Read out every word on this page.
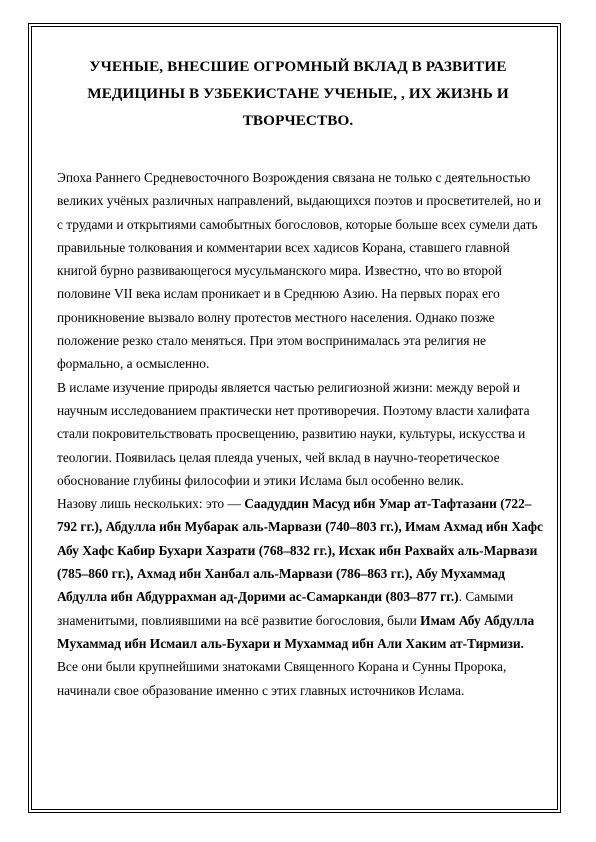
УЧЕНЫЕ, ВНЕСШИЕ ОГРОМНЫЙ ВКЛАД В РАЗВИТИЕ
МЕДИЦИНЫ В УЗБЕКИСТАНЕ УЧЕНЫЕ, , ИХ ЖИЗНЬ И
ТВОРЧЕСТВО.

Эпоха Раннего Средневосточного Возрождения связана не только с деятельностью великих учёных различных направлений, выдающихся поэтов и просветителей, но и с трудами и открытиями самобытных богословов, которые больше всех сумели дать правильные толкования и комментарии всех хадисов Корана, ставшего главной книгой бурно развивающегося мусульманского мира. Известно, что во второй половине VII века ислам проникает и в Среднюю Азию. На первых порах его проникновение вызвало волну протестов местного населения. Однако позже положение резко стало меняться. При этом воспринималась эта религия не формально, а осмысленно.

В исламе изучение природы является частью религиозной жизни: между верой и научным исследованием практически нет противоречия. Поэтому власти халифата стали покровительствовать просвещению, развитию науки, культуры, искусства и теологии. Появилась целая плеяда ученых, чей вклад в научно-теоретическое обоснование глубины философии и этики Ислама был особенно велик.

Назову лишь нескольких: это — Саадуддин Масуд ибн Умар ат-Тафтазани (722–792 гг.), Абдулла ибн Мубарак аль-Марвази (740–803 гг.), Имам Ахмад ибн Хафс Абу Хафс Кабир Бухари Хазрати (768–832 гг.), Исхак ибн Рахвайх аль-Марвази (785–860 гг.), Ахмад ибн Ханбал аль-Марвази (786–863 гг.), Абу Мухаммад Абдулла ибн Абдуррахман ад-Дорими ас-Самарканди (803–877 гг.). Самыми знаменитыми, повлиявшими на всё развитие богословия, были Имам Абу Абдулла Мухаммад ибн Исмаил аль-Бухари и Мухаммад ибн Али Хаким ат-Тирмизи.

Все они были крупнейшими знатоками Священного Корана и Сунны Пророка, начинали свое образование именно с этих главных источников Ислама.
